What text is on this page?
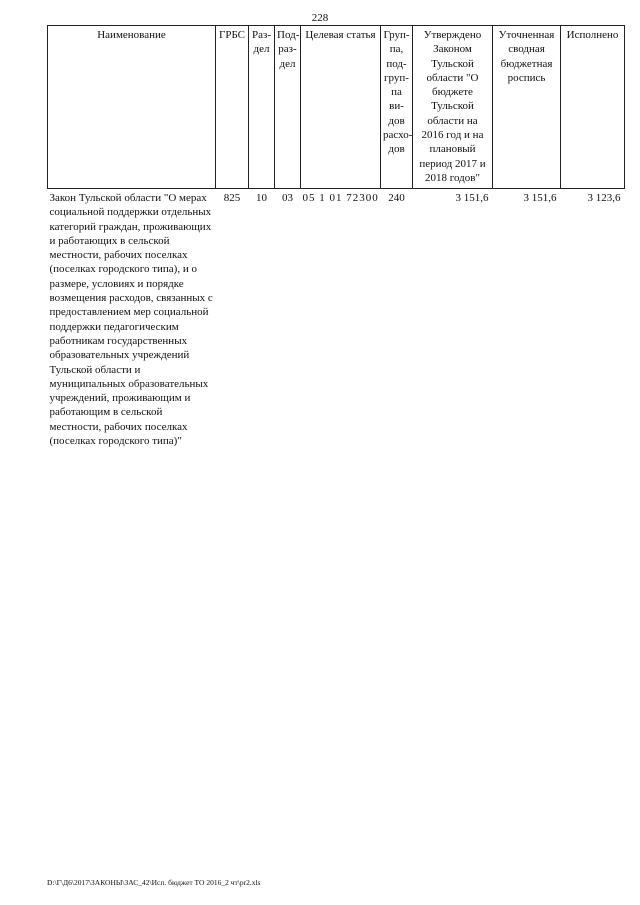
228
Наименование	ГРБС	Раз-дел	Под-раз-дел	Целевая статья	Груп-па, под-груп-па ви-дов расхо-дов	Утверждено Законом Тульской области "О бюджете Тульской области на 2016 год и на плановый период 2017 и 2018 годов"	Уточненная сводная бюджетная роспись	Исполнено
Закон Тульской области "О мерах социальной поддержки отдельных категорий граждан, проживающих и работающих в сельской местности, рабочих поселках (поселках городского типа), и о размере, условиях и порядке возмещения расходов, связанных с предоставлением мер социальной поддержки педагогическим работникам государственных образовательных учреждений Тульской области и муниципальных образовательных учреждений, проживающим и работающим в сельской местности, рабочих поселках (поселках городского типа)"	825	10	03	05 1 01 72300	240	3 151,6	3 151,6	3 123,6
D:\Г\Д6\2017\ЗАКОНЫ\ЗАС_42\Исп. бюджет ТО 2016_2 чт\pr2.xls
